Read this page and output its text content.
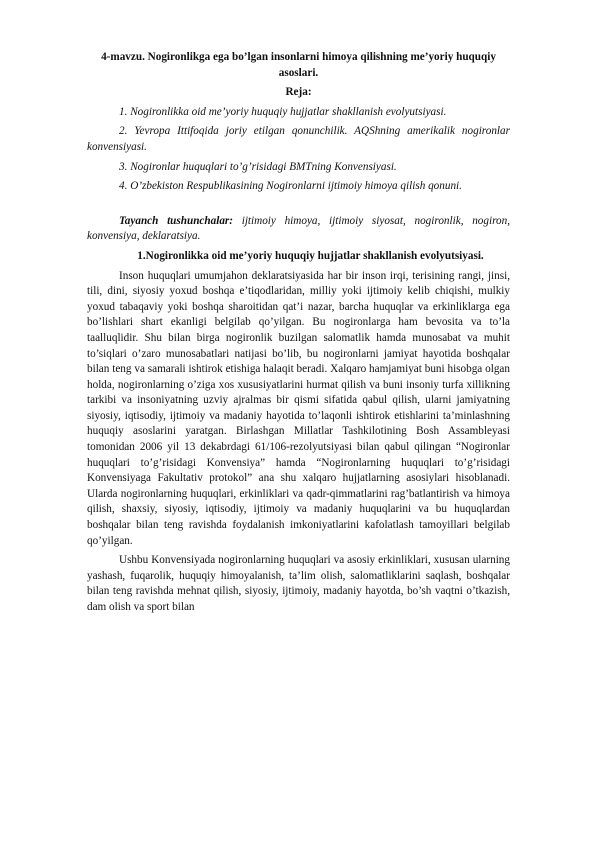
4-mavzu. Nogironlikga ega bo’lgan insonlarni himoya qilishning me’yoriy huquqiy asoslari.

Reja:

1. Nogironlikka oid me’yoriy huquqiy hujjatlar shakllanish evolyutsiyasi.

2. Yevropa Ittifoqida joriy etilgan qonunchilik. AQShning amerikalik nogironlar konvensiyasi.

3. Nogironlar huquqlari to’g’risidagi BMTning Konvensiyasi.

4. O’zbekiston Respublikasining Nogironlarni ijtimoiy himoya qilish qonuni.

Tayanch tushunchalar: ijtimoiy himoya, ijtimoiy siyosat, nogironlik, nogiron, konvensiya, deklaratsiya.

1.Nogironlikka oid me’yoriy huquqiy hujjatlar shakllanish evolyutsiyasi.

Inson huquqlari umumjahon deklaratsiyasida har bir inson irqi, terisining rangi, jinsi, tili, dini, siyosiy yoxud boshqa e’tiqodlaridan, milliy yoki ijtimoiy kelib chiqishi, mulkiy yoxud tabaqaviy yoki boshqa sharoitidan qat’i nazar, barcha huquqlar va erkinliklarga ega bo’lishlari shart ekanligi belgilab qo’yilgan. Bu nogironlarga ham bevosita va to’la taalluqlidir. Shu bilan birga nogironlik buzilgan salomatlik hamda munosabat va muhit to’siqlari o’zaro munosabatlari natijasi bo’lib, bu nogironlarni jamiyat hayotida boshqalar bilan teng va samarali ishtirok etishiga halaqit beradi. Xalqaro hamjamiyat buni hisobga olgan holda, nogironlarning o’ziga xos xususiyatlarini hurmat qilish va buni insoniy turfa xillikning tarkibi va insoniyatning uzviy ajralmas bir qismi sifatida qabul qilish, ularni jamiyatning siyosiy, iqtisodiy, ijtimoiy va madaniy hayotida to’laqonli ishtirok etishlarini ta’minlashning huquqiy asoslarini yaratgan. Birlashgan Millatlar Tashkilotining Bosh Assambleyasi tomonidan 2006 yil 13 dekabrdagi 61/106-rezolyutsiyasi bilan qabul qilingan “Nogironlar huquqlari to’g’risidagi Konvensiya” hamda “Nogironlarning huquqlari to’g’risidagi Konvensiyaga Fakultativ protokol” ana shu xalqaro hujjatlarning asosiylari hisoblanadi. Ularda nogironlarning huquqlari, erkinliklari va qadr-qimmatlarini rag’batlantirish va himoya qilish, shaxsiy, siyosiy, iqtisodiy, ijtimoiy va madaniy huquqlarini va bu huquqlardan boshqalar bilan teng ravishda foydalanish imkoniyatlarini kafolatlash tamoyillari belgilab qo’yilgan.

Ushbu Konvensiyada nogironlarning huquqlari va asosiy erkinliklari, xususan ularning yashash, fuqarolik, huquqiy himoyalanish, ta’lim olish, salomatliklarini saqlash, boshqalar bilan teng ravishda mehnat qilish, siyosiy, ijtimoiy, madaniy hayotda, bo’sh vaqtni o’tkazish, dam olish va sport bilan
